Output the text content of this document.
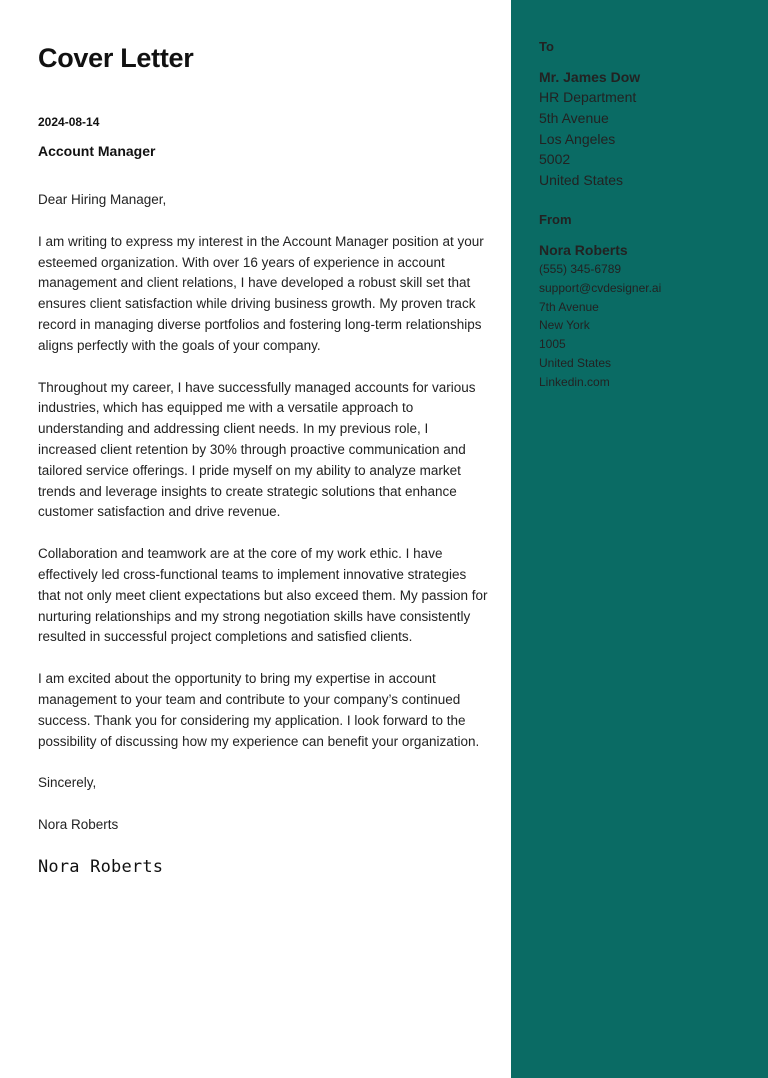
Cover Letter
2024-08-14
Account Manager

Dear Hiring Manager,

I am writing to express my interest in the Account Manager position at your esteemed organization. With over 16 years of experience in account management and client relations, I have developed a robust skill set that ensures client satisfaction while driving business growth. My proven track record in managing diverse portfolios and fostering long-term relationships aligns perfectly with the goals of your company.

Throughout my career, I have successfully managed accounts for various industries, which has equipped me with a versatile approach to understanding and addressing client needs. In my previous role, I increased client retention by 30% through proactive communication and tailored service offerings. I pride myself on my ability to analyze market trends and leverage insights to create strategic solutions that enhance customer satisfaction and drive revenue.

Collaboration and teamwork are at the core of my work ethic. I have effectively led cross-functional teams to implement innovative strategies that not only meet client expectations but also exceed them. My passion for nurturing relationships and my strong negotiation skills have consistently resulted in successful project completions and satisfied clients.

I am excited about the opportunity to bring my expertise in account management to your team and contribute to your company’s continued success. Thank you for considering my application. I look forward to the possibility of discussing how my experience can benefit your organization.

Sincerely,

Nora Roberts

Nora Roberts

To

Mr. James Dow

HR Department

5th Avenue

Los Angeles

5002

United States

From

Nora Roberts

(555) 345-6789

support@cvdesigner.ai

7th Avenue

New York

1005

United States

Linkedin.com
